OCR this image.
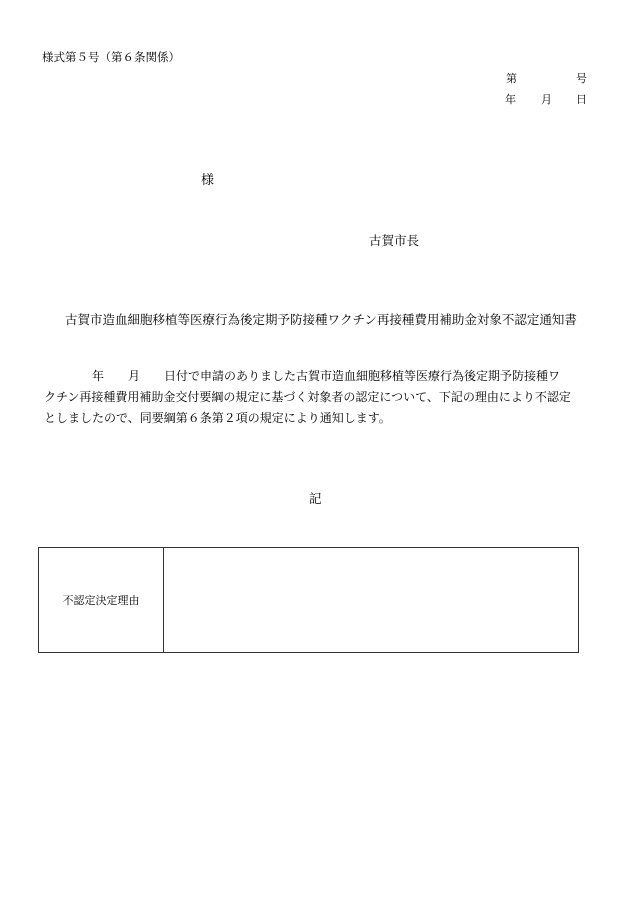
様式第５号（第６条関係）
第	号
年 月 日
様
古賀市長
古賀市造血細胞移植等医療行為後定期予防接種ワクチン再接種費用補助金対象不認定通知書
　　　　年　　月　　日付で申請のありました古賀市造血細胞移植等医療行為後定期予防接種ワ
クチン再接種費用補助金交付要綱の規定に基づく対象者の認定について、下記の理由により不認定
としましたので、同要綱第６条第２項の規定により通知します。
記
不認定決定理由
